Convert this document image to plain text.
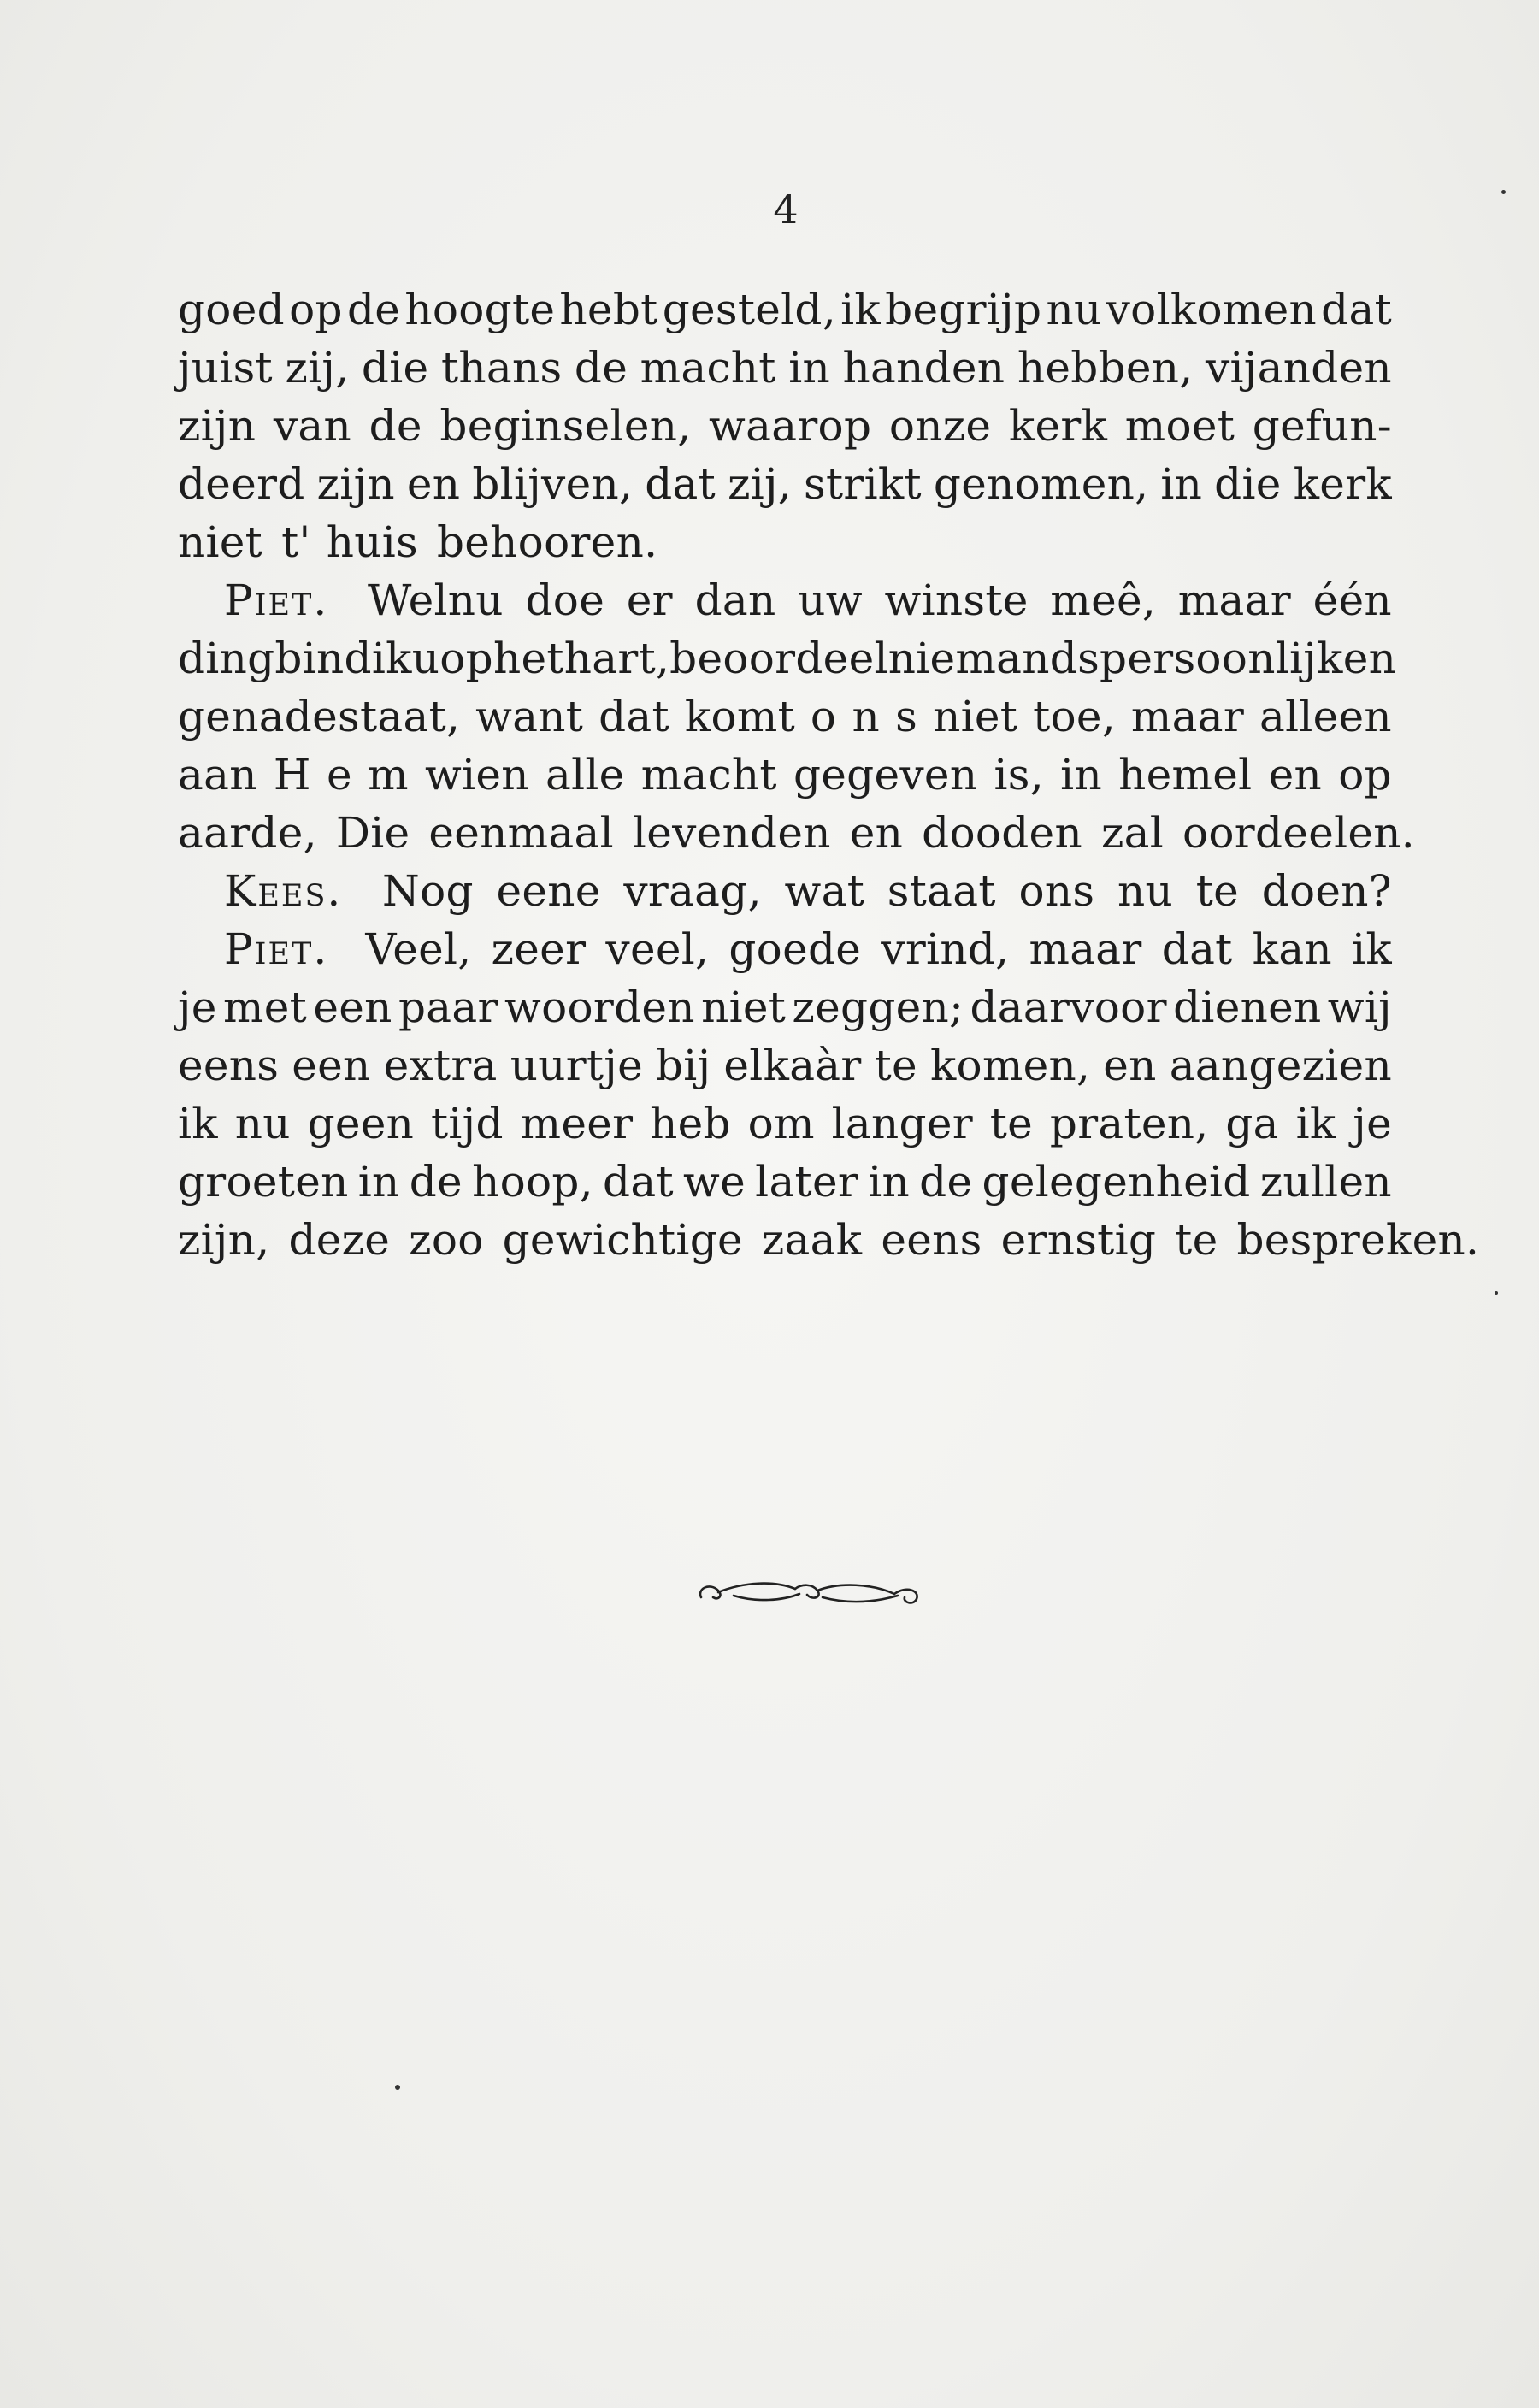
4
goed op de hoogte hebt gesteld, ik begrijp nu volkomen dat
juist zij, die thans de macht in handen hebben, vijanden
zijn van de beginselen, waarop onze kerk moet gefun-
deerd zijn en blijven, dat zij, strikt genomen, in die kerk
niet t' huis behooren.
Piet. Welnu doe er dan uw winste meê, maar één
ding bind ik u op het hart, beoordeel niemands persoonlijken
genadestaat, want dat komt o n s niet toe, maar alleen
aan H e m wien alle macht gegeven is, in hemel en op
aarde, Die eenmaal levenden en dooden zal oordeelen.
Kees. Nog eene vraag, wat staat ons nu te doen?
Piet. Veel, zeer veel, goede vrind, maar dat kan ik
je met een paar woorden niet zeggen; daarvoor dienen wij
eens een extra uurtje bij elkaàr te komen, en aangezien
ik nu geen tijd meer heb om langer te praten, ga ik je
groeten in de hoop, dat we later in de gelegenheid zullen
zijn, deze zoo gewichtige zaak eens ernstig te bespreken.
